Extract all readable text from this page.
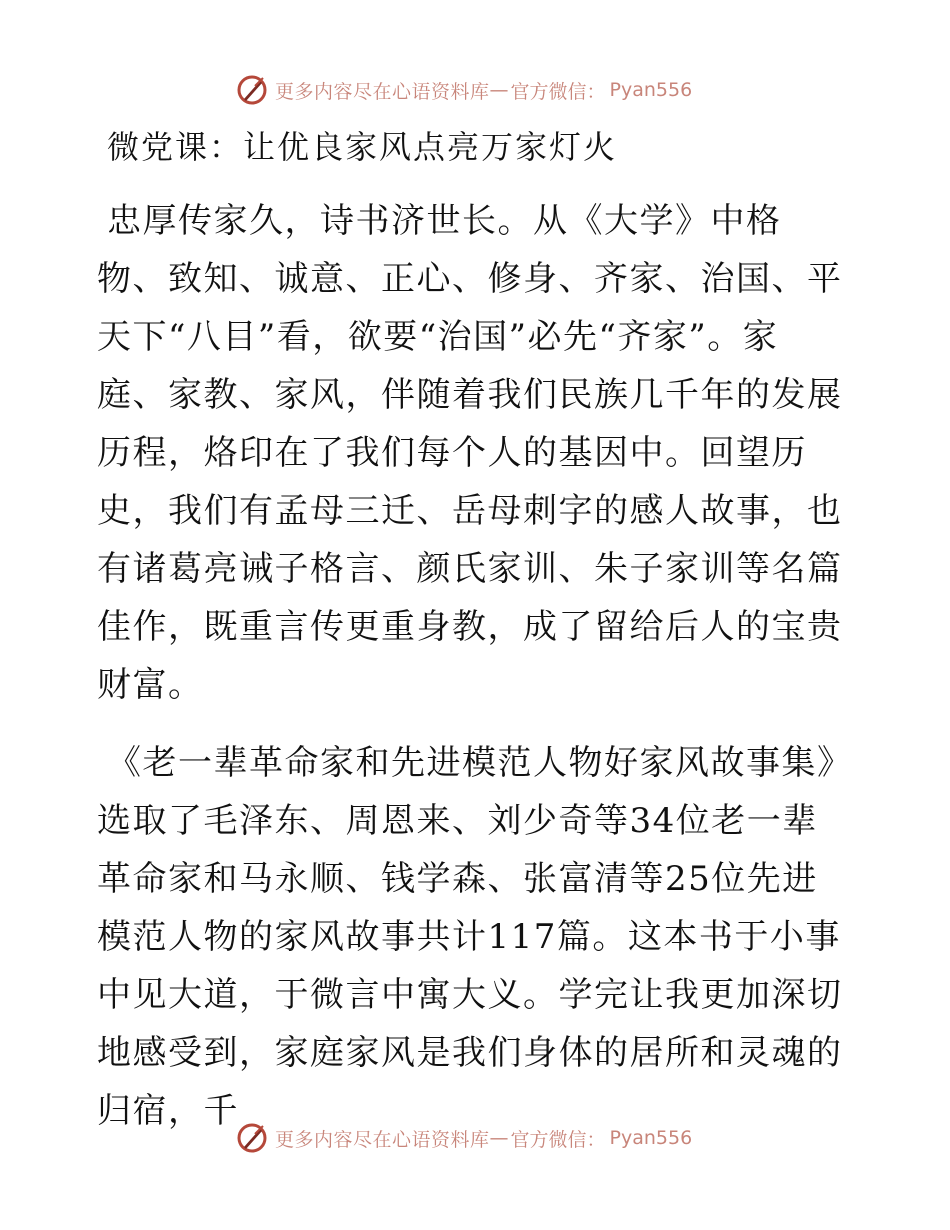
更多内容尽在心语资料库 — 官方微信： Pyan556
微党课：让优良家风点亮万家灯火

忠厚传家久，诗书济世长。从《大学》中格物、致知、诚意、正心、修身、齐家、治国、平天下“八目”看，欲要“治国”必先“齐家”。家庭、家教、家风，伴随着我们民族几千年的发展历程，烙印在了我们每个人的基因中。回望历史，我们有孟母三迁、岳母刺字的感人故事，也有诸葛亮诫子格言、颜氏家训、朱子家训等名篇佳作，既重言传更重身教，成了留给后人的宝贵财富。

《老一辈革命家和先进模范人物好家风故事集》选取了毛泽东、周恩来、刘少奇等34位老一辈革命家和马永顺、钱学森、张富清等25位先进模范人物的家风故事共计117篇。这本书于小事中见大道，于微言中寓大义。学完让我更加深切地感受到，家庭家风是我们身体的居所和灵魂的归宿，千

更多内容尽在心语资料库 — 官方微信： Pyan556
